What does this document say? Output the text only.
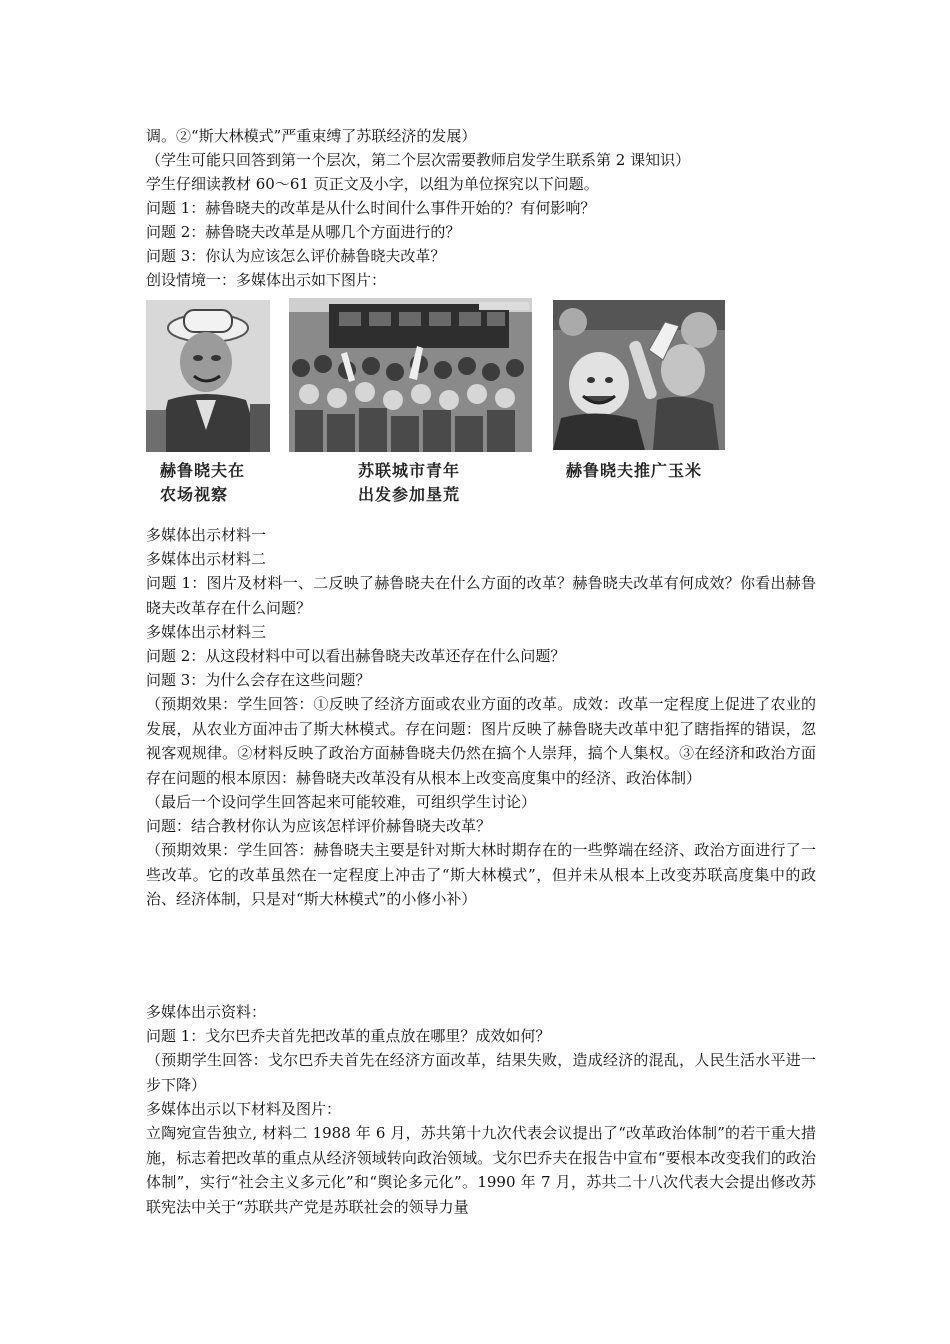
调。②“斯大林模式”严重束缚了苏联经济的发展）
（学生可能只回答到第一个层次，第二个层次需要教师启发学生联系第 2 课知识）
学生仔细读教材 60～61 页正文及小字，以组为单位探究以下问题。
问题 1：赫鲁晓夫的改革是从什么时间什么事件开始的？有何影响？
问题 2：赫鲁晓夫改革是从哪几个方面进行的？
问题 3：你认为应该怎么评价赫鲁晓夫改革？
创设情境一：多媒体出示如下图片：
赫鲁晓夫在
农场视察
苏联城市青年
出发参加垦荒
赫鲁晓夫推广玉米
多媒体出示材料一
多媒体出示材料二
问题 1：图片及材料一、二反映了赫鲁晓夫在什么方面的改革？赫鲁晓夫改革有何成效？你看出赫鲁晓夫改革存在什么问题？
多媒体出示材料三
问题 2：从这段材料中可以看出赫鲁晓夫改革还存在什么问题？
问题 3：为什么会存在这些问题？
（预期效果：学生回答：①反映了经济方面或农业方面的改革。成效：改革一定程度上促进了农业的发展，从农业方面冲击了斯大林模式。存在问题：图片反映了赫鲁晓夫改革中犯了瞎指挥的错误，忽视客观规律。②材料反映了政治方面赫鲁晓夫仍然在搞个人崇拜，搞个人集权。③在经济和政治方面存在问题的根本原因：赫鲁晓夫改革没有从根本上改变高度集中的经济、政治体制）
（最后一个设问学生回答起来可能较难，可组织学生讨论）
问题：结合教材你认为应该怎样评价赫鲁晓夫改革？
（预期效果：学生回答：赫鲁晓夫主要是针对斯大林时期存在的一些弊端在经济、政治方面进行了一些改革。它的改革虽然在一定程度上冲击了“斯大林模式”，但并未从根本上改变苏联高度集中的政治、经济体制，只是对“斯大林模式”的小修小补）
多媒体出示资料：
问题 1：戈尔巴乔夫首先把改革的重点放在哪里？成效如何？
（预期学生回答：戈尔巴乔夫首先在经济方面改革，结果失败，造成经济的混乱，人民生活水平进一步下降）
多媒体出示以下材料及图片：
立陶宛宣告独立, 材料二 1988 年 6 月，苏共第十九次代表会议提出了“改革政治体制”的若干重大措施，标志着把改革的重点从经济领域转向政治领域。戈尔巴乔夫在报告中宣布“要根本改变我们的政治体制”，实行“社会主义多元化”和“舆论多元化”。1990 年 7 月，苏共二十八次代表大会提出修改苏联宪法中关于“苏联共产党是苏联社会的领导力量
